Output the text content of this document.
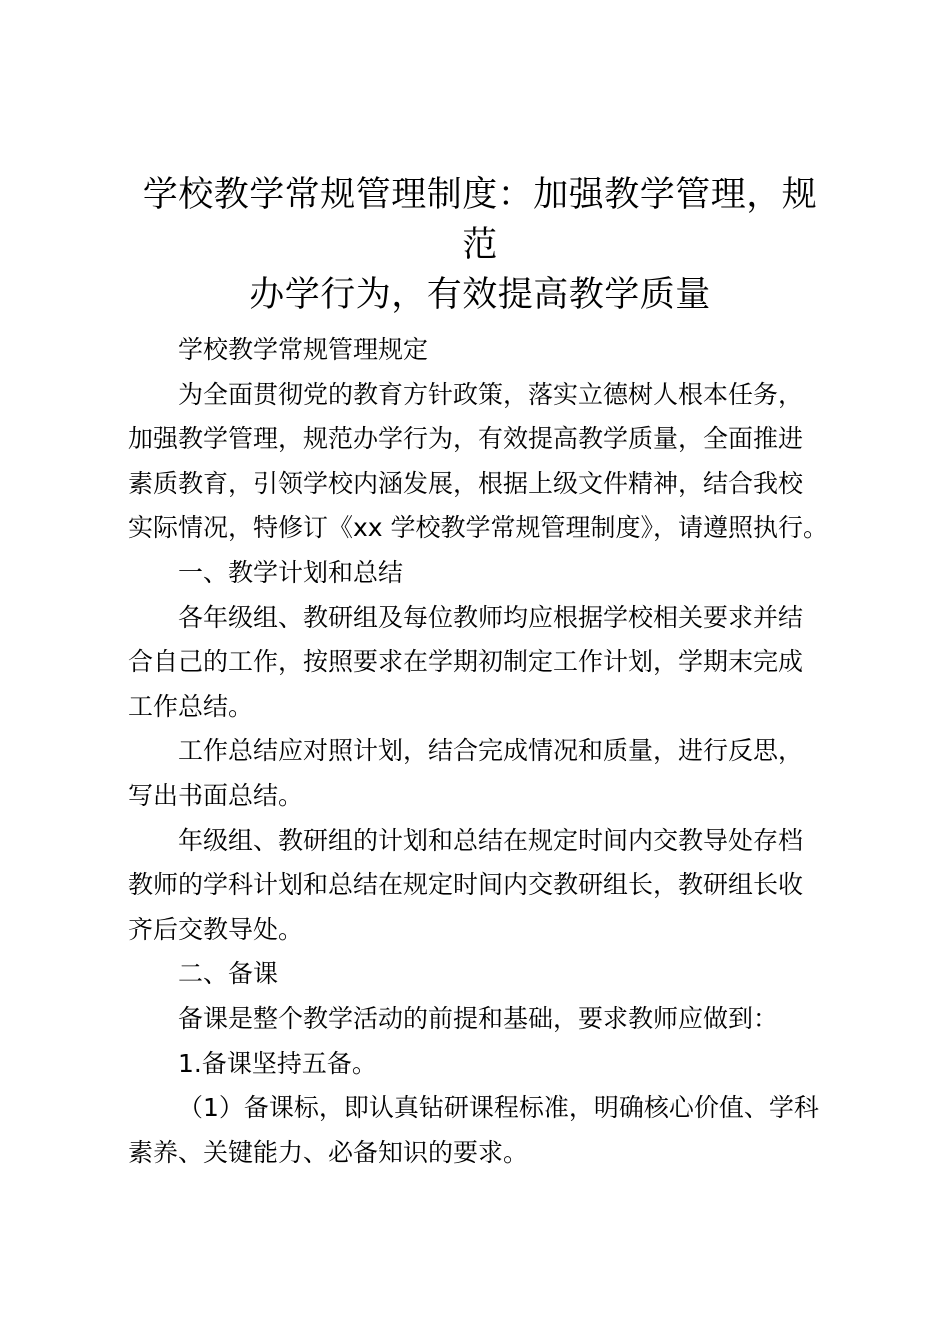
学校教学常规管理制度：加强教学管理，规范
办学行为，有效提高教学质量

学校教学常规管理规定

为全面贯彻党的教育方针政策，落实立德树人根本任务，
加强教学管理，规范办学行为，有效提高教学质量，全面推进
素质教育，引领学校内涵发展，根据上级文件精神，结合我校
实际情况，特修订《xx 学校教学常规管理制度》，请遵照执行。

一、教学计划和总结

各年级组、教研组及每位教师均应根据学校相关要求并结
合自己的工作，按照要求在学期初制定工作计划，学期末完成
工作总结。

工作总结应对照计划，结合完成情况和质量，进行反思，
写出书面总结。

年级组、教研组的计划和总结在规定时间内交教导处存档
教师的学科计划和总结在规定时间内交教研组长，教研组长收
齐后交教导处。

二、备课

备课是整个教学活动的前提和基础，要求教师应做到：

1.备课坚持五备。

（1）备课标，即认真钻研课程标准，明确核心价值、学科
素养、关键能力、必备知识的要求。
